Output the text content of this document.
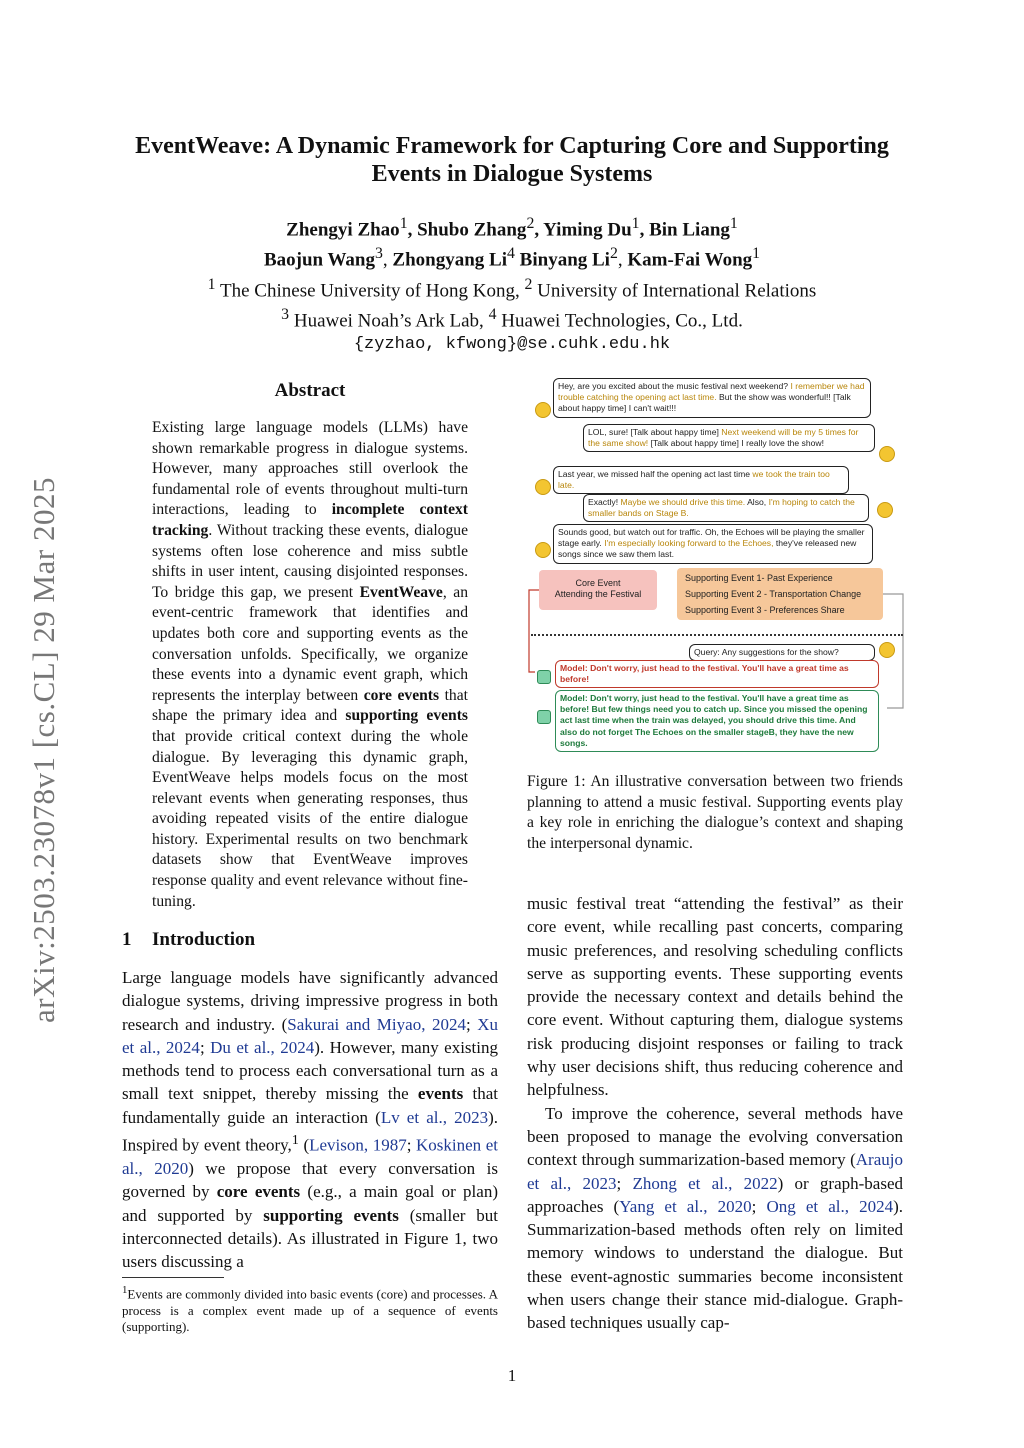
arXiv:2503.23078v1 [cs.CL] 29 Mar 2025
EventWeave: A Dynamic Framework for Capturing Core and Supporting
Events in Dialogue Systems
Zhengyi Zhao$^1$, Shubo Zhang$^2$, Yiming Du$^1$, Bin Liang$^1$
Baojun Wang$^3$, Zhongyang Li$^4$ Binyang Li$^2$, Kam-Fai Wong$^1$
$^1$ The Chinese University of Hong Kong, $^2$ University of International Relations
$^3$ Huawei Noah’s Ark Lab, $^4$ Huawei Technologies, Co., Ltd.
{zyzhao, kfwong}@se.cuhk.edu.hk
Abstract
Existing large language models (LLMs) have shown remarkable progress in dialogue systems. However, many approaches still overlook the fundamental role of events throughout multi-turn interactions, leading to incomplete context tracking. Without tracking these events, dialogue systems often lose coherence and miss subtle shifts in user intent, causing disjointed responses. To bridge this gap, we present EventWeave, an event-centric framework that identifies and updates both core and supporting events as the conversation unfolds. Specifically, we organize these events into a dynamic event graph, which represents the interplay between core events that shape the primary idea and supporting events that provide critical context during the whole dialogue. By leveraging this dynamic graph, EventWeave helps models focus on the most relevant events when generating responses, thus avoiding repeated visits of the entire dialogue history. Experimental results on two benchmark datasets show that EventWeave improves response quality and event relevance without fine-tuning.
1 Introduction
Large language models have significantly advanced dialogue systems, driving impressive progress in both research and industry. (Sakurai and Miyao, 2024; Xu et al., 2024; Du et al., 2024). However, many existing methods tend to process each conversational turn as a small text snippet, thereby missing the events that fundamentally guide an interaction (Lv et al., 2023). Inspired by event theory,$^1$ (Levison, 1987; Koskinen et al., 2020) we propose that every conversation is governed by core events (e.g., a main goal or plan) and supported by supporting events (smaller but interconnected details). As illustrated in Figure 1, two users discussing a
$^1$Events are commonly divided into basic events (core) and processes. A process is a complex event made up of a sequence of events (supporting).
Hey, are you excited about the music festival next weekend? I remember we had trouble catching the opening act last time. But the show was wonderful!! [Talk about happy time] I can't wait!!!
LOL, sure! [Talk about happy time] Next weekend will be my 5 times for the same show! [Talk about happy time] I really love the show!
Last year, we missed half the opening act last time we took the train too late.
Exactly! Maybe we should drive this time. Also, I'm hoping to catch the smaller bands on Stage B.
Sounds good, but watch out for traffic. Oh, the Echoes will be playing the smaller stage early. I'm especially looking forward to the Echoes, they've released new songs since we saw them last.
Core Event
Attending the Festival
Supporting Event 1- Past Experience
Supporting Event 2 - Transportation Change
Supporting Event 3 - Preferences Share
Query: Any suggestions for the show?
Model: Don't worry, just head to the festival. You'll have a great time as before!
Model: Don't worry, just head to the festival. You'll have a great time as before! But few things need you to catch up. Since you missed the opening act last time when the train was delayed, you should drive this time. And also do not forget The Echoes on the smaller stageB, they have the new songs.
Figure 1: An illustrative conversation between two friends planning to attend a music festival. Supporting events play a key role in enriching the dialogue’s context and shaping the interpersonal dynamic.
music festival treat “attending the festival” as their core event, while recalling past concerts, comparing music preferences, and resolving scheduling conflicts serve as supporting events. These supporting events provide the necessary context and details behind the core event. Without capturing them, dialogue systems risk producing disjoint responses or failing to track why user decisions shift, thus reducing coherence and helpfulness.
To improve the coherence, several methods have been proposed to manage the evolving conversation context through summarization-based memory (Araujo et al., 2023; Zhong et al., 2022) or graph-based approaches (Yang et al., 2020; Ong et al., 2024). Summarization-based methods often rely on limited memory windows to understand the dialogue. But these event-agnostic summaries become inconsistent when users change their stance mid-dialogue. Graph-based techniques usually cap-
1
